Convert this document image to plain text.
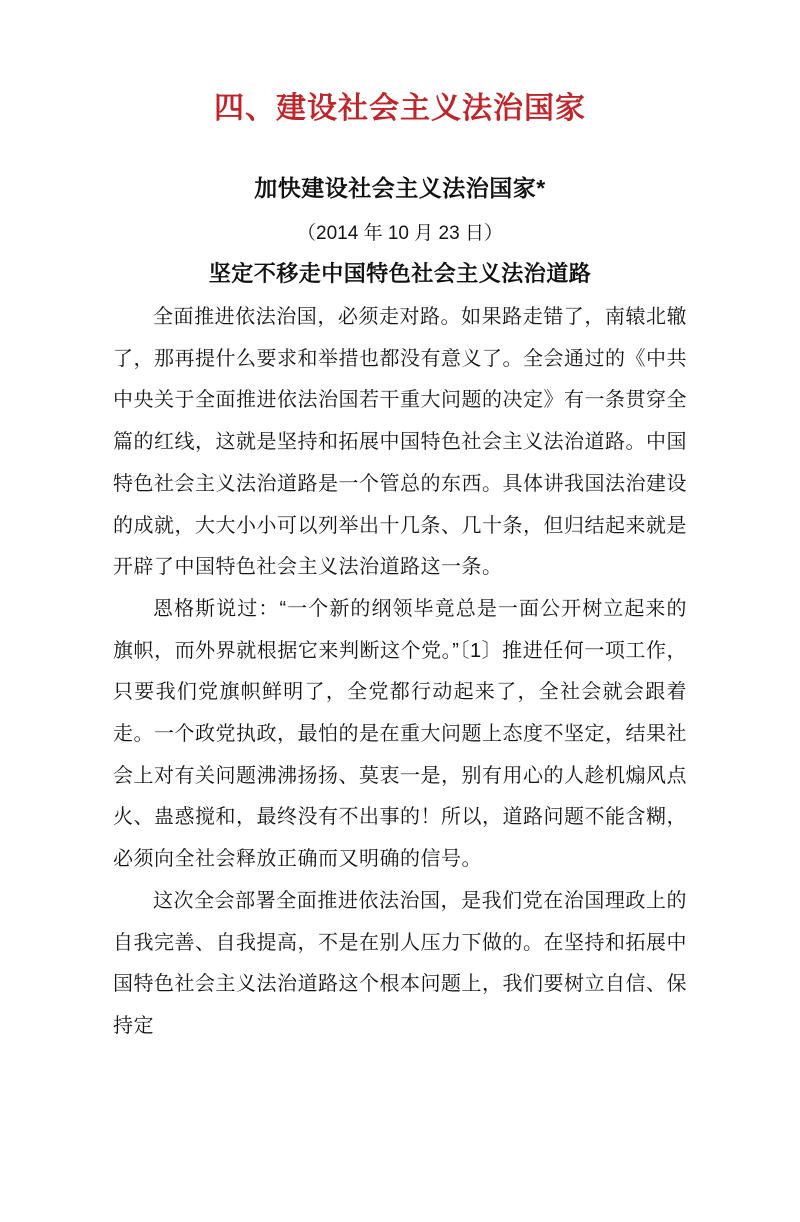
四、建设社会主义法治国家
加快建设社会主义法治国家*
（2014 年 10 月 23 日）
坚定不移走中国特色社会主义法治道路

全面推进依法治国，必须走对路。如果路走错了，南辕北辙了，那再提什么要求和举措也都没有意义了。全会通过的《中共中央关于全面推进依法治国若干重大问题的决定》有一条贯穿全篇的红线，这就是坚持和拓展中国特色社会主义法治道路。中国特色社会主义法治道路是一个管总的东西。具体讲我国法治建设的成就，大大小小可以列举出十几条、几十条，但归结起来就是开辟了中国特色社会主义法治道路这一条。

恩格斯说过：“一个新的纲领毕竟总是一面公开树立起来的旗帜，而外界就根据它来判断这个党。”〔1〕推进任何一项工作，只要我们党旗帜鲜明了，全党都行动起来了，全社会就会跟着走。一个政党执政，最怕的是在重大问题上态度不坚定，结果社会上对有关问题沸沸扬扬、莫衷一是，别有用心的人趁机煽风点火、蛊惑搅和，最终没有不出事的！所以，道路问题不能含糊，必须向全社会释放正确而又明确的信号。

这次全会部署全面推进依法治国，是我们党在治国理政上的自我完善、自我提高，不是在别人压力下做的。在坚持和拓展中国特色社会主义法治道路这个根本问题上，我们要树立自信、保持定
